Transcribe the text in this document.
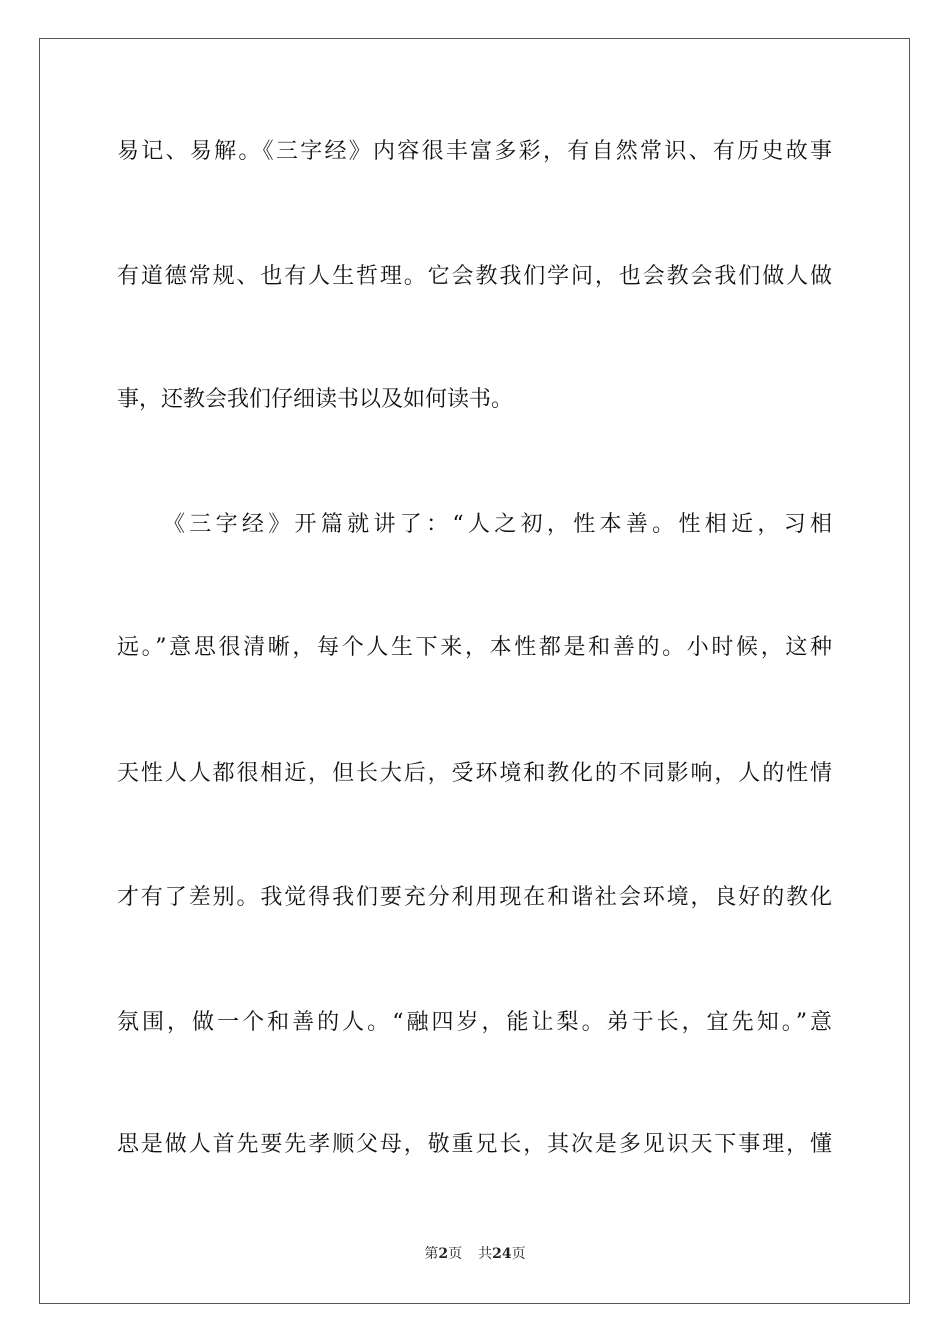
易记、易解。《三字经》内容很丰富多彩，有自然常识、有历史故事
有道德常规、也有人生哲理。它会教我们学问，也会教会我们做人做
事，还教会我们仔细读书以及如何读书。
《三字经》开篇就讲了：“人之初，性本善。性相近，习相
远。”意思很清晰，每个人生下来，本性都是和善的。小时候，这种
天性人人都很相近，但长大后，受环境和教化的不同影响，人的性情
才有了差别。我觉得我们要充分利用现在和谐社会环境，良好的教化
氛围，做一个和善的人。“融四岁，能让梨。弟于长，宜先知。”意
思是做人首先要先孝顺父母，敬重兄长，其次是多见识天下事理，懂
第2页 共24页
